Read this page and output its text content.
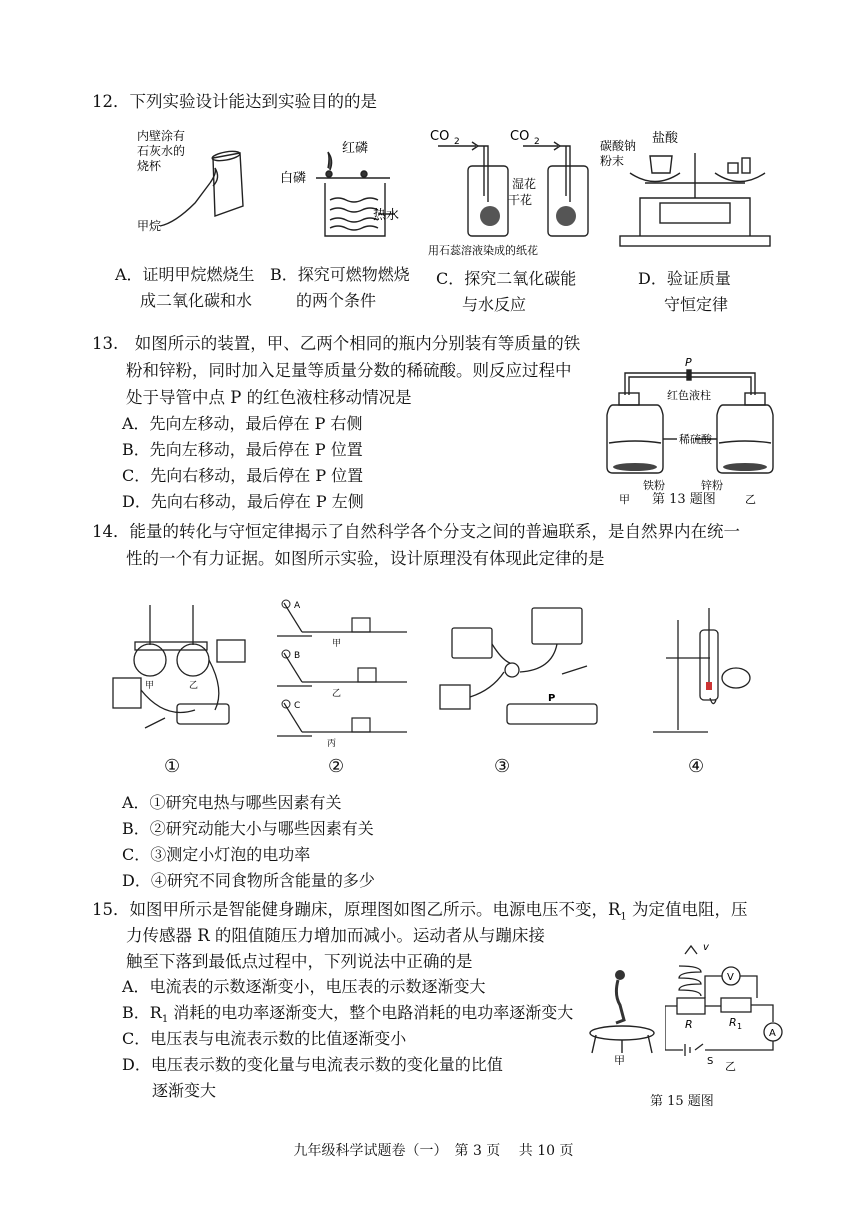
12．下列实验设计能达到实验目的的是
内壁涂有
石灰水的
烧杯
甲烷
红磷
白磷
热水
CO 2	CO 2
湿花
干花
用石蕊溶液染成的纸花
盐酸
碳酸钠
粉末
A．证明甲烷燃烧生
成二氧化碳和水
B．探究可燃物燃烧
的两个条件
C．探究二氧化碳能
与水反应
D．验证质量
守恒定律
13.　如图所示的装置，甲、乙两个相同的瓶内分别装有等质量的铁
粉和锌粉，同时加入足量等质量分数的稀硫酸。则反应过程中
处于导管中点 P 的红色液柱移动情况是
A．先向左移动，最后停在 P 右侧
B．先向左移动，最后停在 P 位置
C．先向右移动，最后停在 P 位置
D．先向右移动，最后停在 P 左侧
P
红色液柱
稀硫酸
铁粉	锌粉
甲	乙
第 13 题图
14．能量的转化与守恒定律揭示了自然科学各个分支之间的普遍联系，是自然界内在统一
性的一个有力证据。如图所示实验，设计原理没有体现此定律的是
甲	乙
A
B
C
甲
乙
丙
P
①	②	③	④
A．①研究电热与哪些因素有关
B．②研究动能大小与哪些因素有关
C．③测定小灯泡的电功率
D．④研究不同食物所含能量的多少
15．如图甲所示是智能健身蹦床，原理图如图乙所示。电源电压不变，$R_1$ 为定值电阻，压
力传感器 R 的阻值随压力增加而减小。运动者从与蹦床接
触至下落到最低点过程中，下列说法中正确的是
A．电流表的示数逐渐变小，电压表的示数逐渐变大
B．$R_1$ 消耗的电功率逐渐变大，整个电路消耗的电功率逐渐变大
C．电压表与电流表示数的比值逐渐变小
D．电压表示数的变化量与电流表示数的变化量的比值
逐渐变大
甲
v
V
A
R	R 1
S 乙
第 15 题图
九年级科学试题卷（一）　第 3 页　 共 10 页
